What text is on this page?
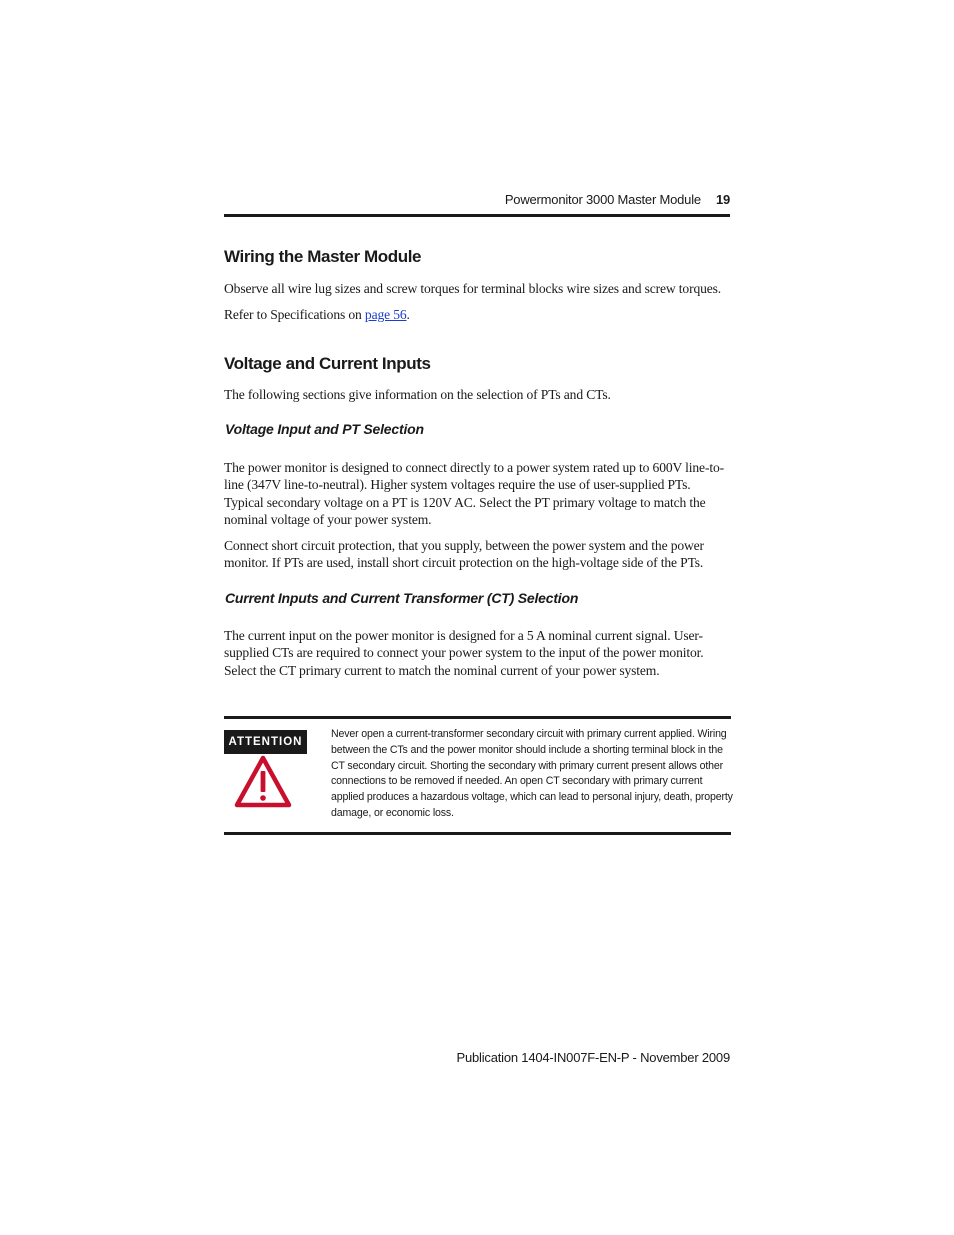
Powermonitor 3000 Master Module 19
Wiring the Master Module

Observe all wire lug sizes and screw torques for terminal blocks wire sizes and screw torques.

Refer to Specifications on page 56.

Voltage and Current Inputs

The following sections give information on the selection of PTs and CTs.

Voltage Input and PT Selection

The power monitor is designed to connect directly to a power system rated up to 600V line-to-line (347V line-to-neutral). Higher system voltages require the use of user-supplied PTs. Typical secondary voltage on a PT is 120V AC. Select the PT primary voltage to match the nominal voltage of your power system.

Connect short circuit protection, that you supply, between the power system and the power monitor. If PTs are used, install short circuit protection on the high-voltage side of the PTs.

Current Inputs and Current Transformer (CT) Selection

The current input on the power monitor is designed for a 5 A nominal current signal. User-supplied CTs are required to connect your power system to the input of the power monitor. Select the CT primary current to match the nominal current of your power system.

ATTENTION

Never open a current-transformer secondary circuit with primary current applied. Wiring between the CTs and the power monitor should include a shorting terminal block in the CT secondary circuit. Shorting the secondary with primary current present allows other connections to be removed if needed. An open CT secondary with primary current applied produces a hazardous voltage, which can lead to personal injury, death, property damage, or economic loss.

Publication 1404-IN007F-EN-P - November 2009
